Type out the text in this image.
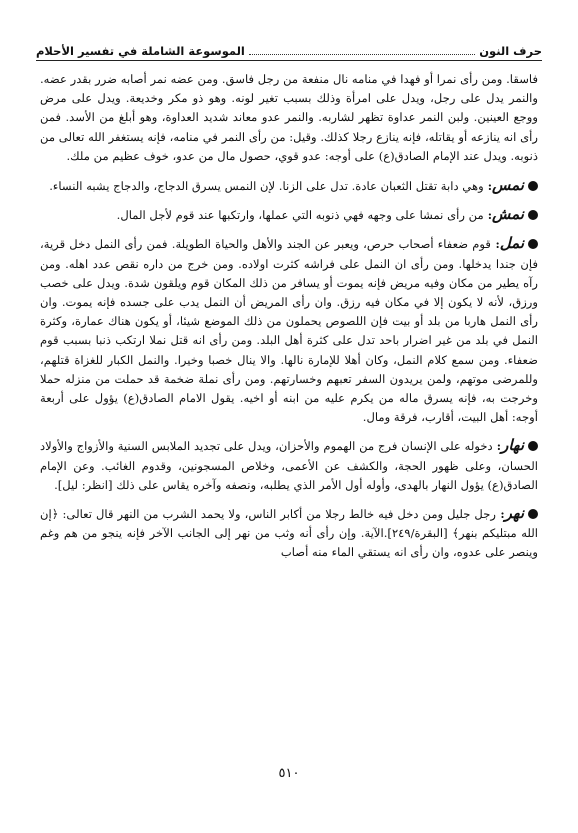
حرف النون
الموسوعة الشاملة في تفسير الأحلام

فاسقا. ومن رأى نمرا أو فهدا في منامه نال منفعة من رجل فاسق. ومن عضه نمر أصابه ضرر بقدر عضه. والنمر يدل على رجل، ويدل على امرأة وذلك بسبب تغير لونه. وهو ذو مكر وخديعة. ويدل على مرض ووجع العينين. ولبن النمر عداوة تظهر لشاربه. والنمر عدو معاند شديد العداوة، وهو أبلغ من الأسد. فمن رأى انه ينازعه أو يقاتله، فإنه ينازع رجلا كذلك. وقيل: من رأى النمر في منامه، فإنه يستغفر الله تعالى من ذنوبه. ويدل عند الإمام الصادق(ع) على أوجه: عدو قوي، حصول مال من عدو، خوف عظيم من ملك.

نمس: وهي دابة تقتل الثعبان عادة. تدل على الزنا. لإن النمس يسرق الدجاج، والدجاج يشبه النساء.

نمش: من رأى نمشا على وجهه فهي ذنوبه التي عملها، وارتكبها عند قوم لأجل المال.

نمل: قوم ضعفاء أصحاب حرص، ويعبر عن الجند والأهل والحياة الطويلة. فمن رأى النمل دخل قرية، فإن جندا يدخلها. ومن رأى ان النمل على فراشه كثرت اولاده. ومن خرج من داره نقص عدد اهله. ومن رآه يطير من مكان وفيه مريض فإنه يموت أو يسافر من ذلك المكان قوم ويلقون شدة. ويدل على خصب ورزق، لأنه لا يكون إلا في مكان فيه رزق. وان رأى المريض أن النمل يدب على جسده فإنه يموت. وان رأى النمل هاربا من بلد أو بيت فإن اللصوص يحملون من ذلك الموضع شيئا، أو يكون هناك عمارة، وكثرة النمل في بلد من غير اضرار باحد تدل على كثرة أهل البلد. ومن رأى انه قتل نملا ارتكب ذنبا بسبب قوم ضعفاء. ومن سمع كلام النمل، وكان أهلا للإمارة نالها. والا ينال خصبا وخيرا. والنمل الكبار للغزاة قتلهم، وللمرضى موتهم، ولمن يريدون السفر تعبهم وخسارتهم. ومن رأى نملة ضخمة قد حملت من منزله حملا وخرجت به، فإنه يسرق ماله من يكرم عليه من ابنه أو اخيه. يقول الامام الصادق(ع) يؤول على أربعة أوجه: أهل البيت، أقارب، فرقة ومال.

نهار: دخوله على الإنسان فرج من الهموم والأحزان، ويدل على تجديد الملابس السنية والأزواج والأولاد الحسان، وعلى ظهور الحجة، والكشف عن الأعمى، وخلاص المسجونين، وقدوم الغائب. وعن الإمام الصادق(ع) يؤول النهار بالهدى، وأوله أول الأمر الذي يطلبه، ونصفه وآخره يقاس على ذلك [انظر: ليل].

نهر: رجل جليل ومن دخل فيه خالط رجلا من أكابر الناس، ولا يحمد الشرب من النهر قال تعالى: ﴿إن الله مبتليكم بنهر﴾ [البقرة/٢٤٩].الآية. وإن رأى أنه وثب من نهر إلى الجانب الآخر فإنه ينجو من هم وغم وينصر على عدوه، وان رأى انه يستقي الماء منه أصاب

٥١٠
